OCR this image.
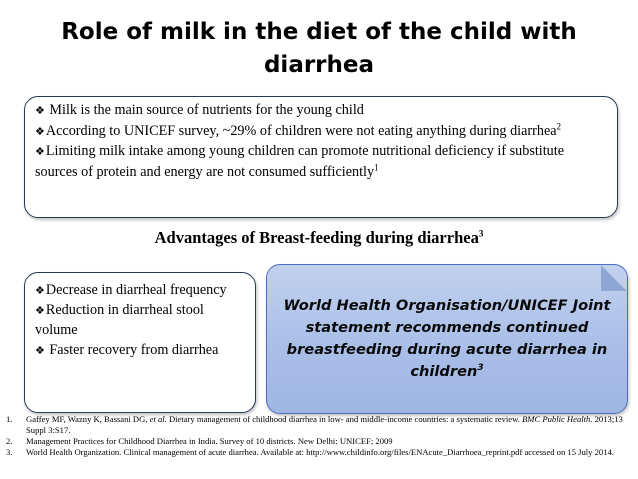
Role of milk in the diet of the child with diarrhea
❖ Milk is the main source of nutrients for the young child
❖According to UNICEF survey, ~29% of children were not eating anything during diarrhea$^2$
❖Limiting milk intake among young children can promote nutritional deficiency if substitute sources of protein and energy are not consumed sufficiently$^1$
Advantages of Breast-feeding during diarrhea$^3$
❖Decrease in diarrheal frequency
❖Reduction in diarrheal stool volume
❖ Faster recovery from diarrhea
World Health Organisation/UNICEF Joint statement recommends continued breastfeeding during acute diarrhea in children$^3$
1.	Gaffey MF, Wazny K, Bassani DG, et al. Dietary management of childhood diarrhea in low- and middle-income countries: a systematic review. BMC Public Health. 2013;13 Suppl 3:S17.
2.	Management Practices for Childhood Diarrhea in India. Survey of 10 districts. New Delhi: UNICEF; 2009
3.	World Health Organization. Clinical management of acute diarrhea. Available at: http://www.childinfo.org/files/ENAcute_Diarrhoea_reprint.pdf accessed on 15 July 2014.
